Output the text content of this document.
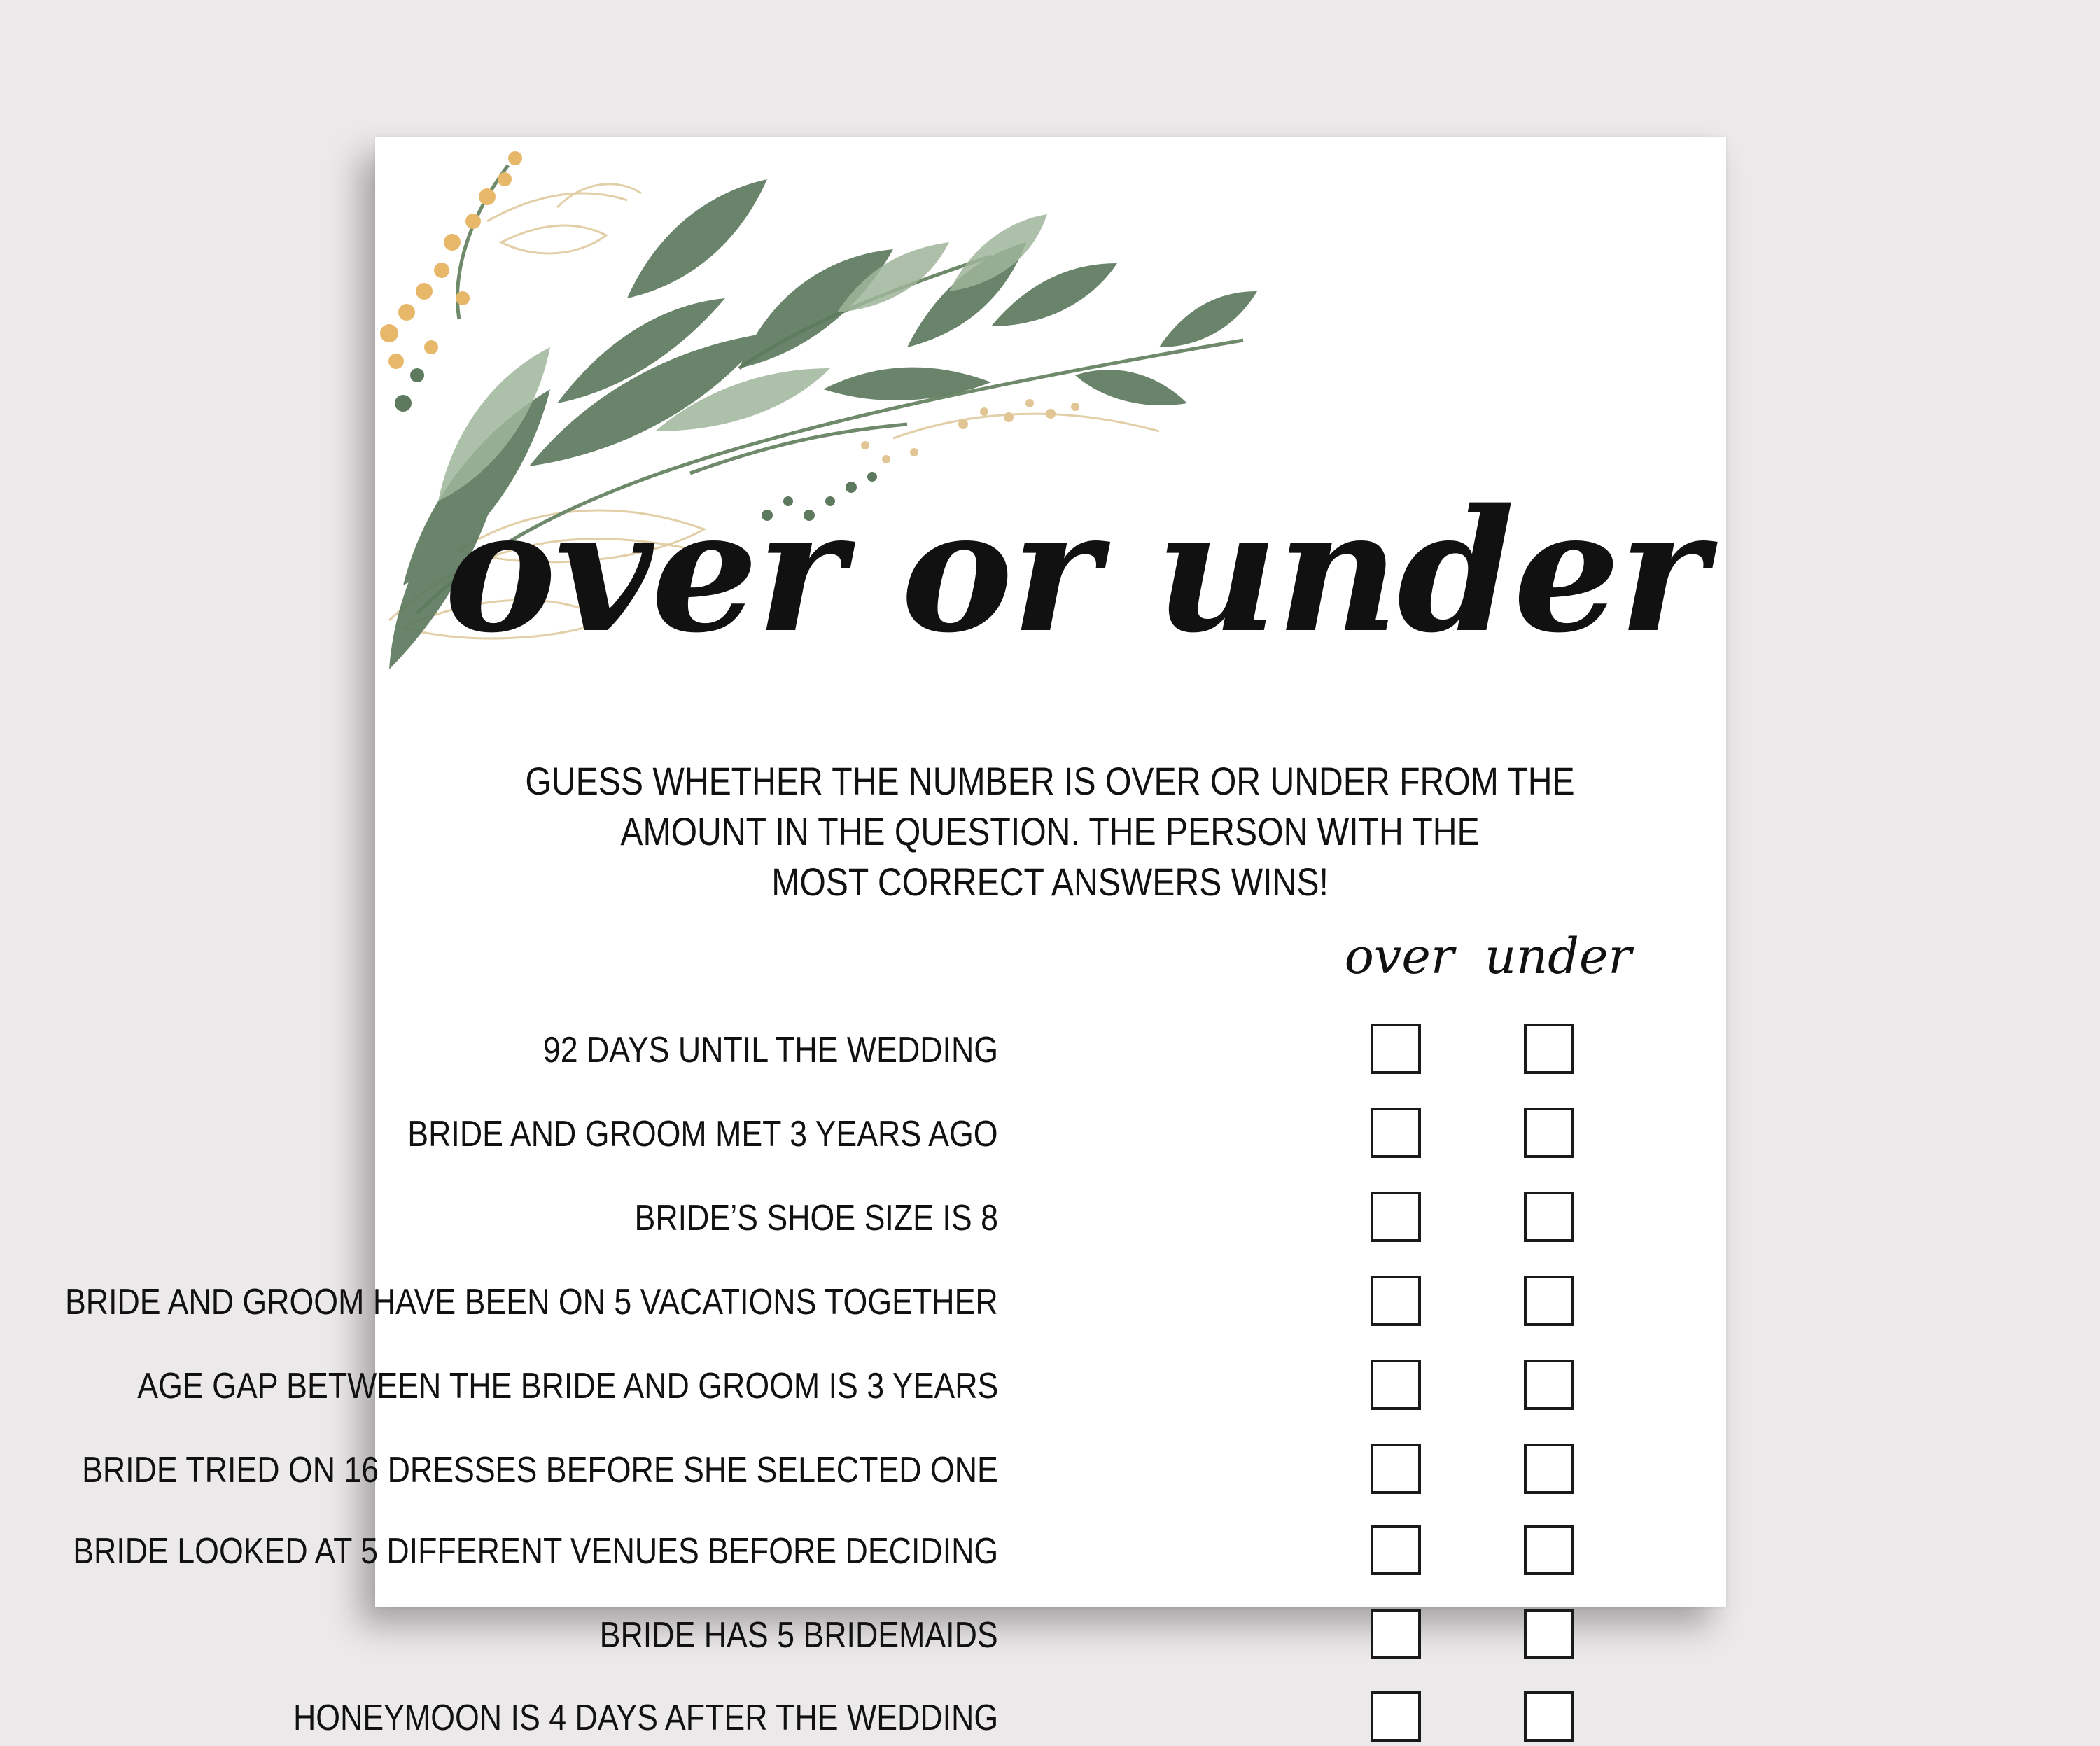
over or under
GUESS WHETHER THE NUMBER IS OVER OR UNDER FROM THE
AMOUNT IN THE QUESTION. THE PERSON WITH THE
MOST CORRECT ANSWERS WINS!
over under
92 DAYS UNTIL THE WEDDING
BRIDE AND GROOM MET 3 YEARS AGO
BRIDE’S SHOE SIZE IS 8
BRIDE AND GROOM HAVE BEEN ON 5 VACATIONS TOGETHER
AGE GAP BETWEEN THE BRIDE AND GROOM IS 3 YEARS
BRIDE TRIED ON 16 DRESSES BEFORE SHE SELECTED ONE
BRIDE LOOKED AT 5 DIFFERENT VENUES BEFORE DECIDING
BRIDE HAS 5 BRIDEMAIDS
HONEYMOON IS 4 DAYS AFTER THE WEDDING
